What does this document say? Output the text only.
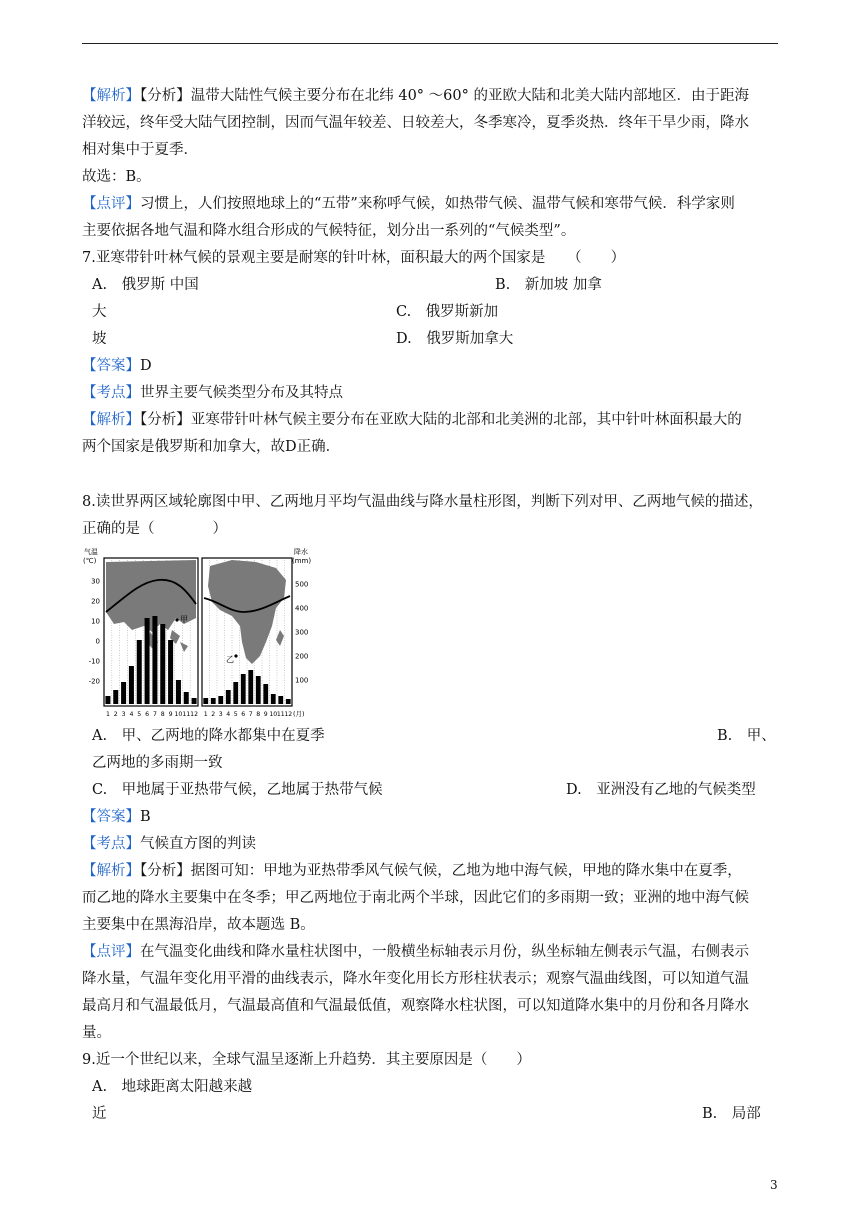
【解析】【分析】温带大陆性气候主要分布在北纬 40° ～60° 的亚欧大陆和北美大陆内部地区．由于距海
洋较远，终年受大陆气团控制，因而气温年较差、日较差大，冬季寒冷，夏季炎热．终年干旱少雨，降水
相对集中于夏季．
故选：B。
【点评】习惯上，人们按照地球上的“五带”来称呼气候，如热带气候、温带气候和寒带气候．科学家则
主要依据各地气温和降水组合形成的气候特征，划分出一系列的“气候类型”。
7.亚寒带针叶林气候的景观主要是耐寒的针叶林，面积最大的两个国家是　　（　　）
A.　俄罗斯 中国	B.　新加坡 加拿
大	C.　俄罗斯新加
坡	D.　俄罗斯加拿大
【答案】D
【考点】世界主要气候类型分布及其特点
【解析】【分析】亚寒带针叶林气候主要分布在亚欧大陆的北部和北美洲的北部，其中针叶林面积最大的
两个国家是俄罗斯和加拿大，故D正确．
8.读世界两区域轮廓图中甲、乙两地月平均气温曲线与降水量柱形图，判断下列对甲、乙两地气候的描述，
正确的是（　　　　）
气温
(℃)
降水
(mm)
甲
乙
30
20
10
0
-10
-20
500
400
300
200
100
1 2 3 4 5 6 7 8 9 10 11 12 1 2 3 4 5 6 7 8 9 10 11 12 (月)
A.　甲、乙两地的降水都集中在夏季	B.　甲、
乙两地的多雨期一致
C.　甲地属于亚热带气候，乙地属于热带气候	D.　亚洲没有乙地的气候类型
【答案】B
【考点】气候直方图的判读
【解析】【分析】据图可知：甲地为亚热带季风气候气候，乙地为地中海气候，甲地的降水集中在夏季，
而乙地的降水主要集中在冬季；甲乙两地位于南北两个半球，因此它们的多雨期一致；亚洲的地中海气候
主要集中在黑海沿岸，故本题选 B。
【点评】在气温变化曲线和降水量柱状图中，一般横坐标轴表示月份，纵坐标轴左侧表示气温，右侧表示
降水量，气温年变化用平滑的曲线表示，降水年变化用长方形柱状表示；观察气温曲线图，可以知道气温
最高月和气温最低月，气温最高值和气温最低值，观察降水柱状图，可以知道降水集中的月份和各月降水
量。
9.近一个世纪以来，全球气温呈逐渐上升趋势．其主要原因是（　　）
A.　地球距离太阳越来越
近	B.　局部
3
